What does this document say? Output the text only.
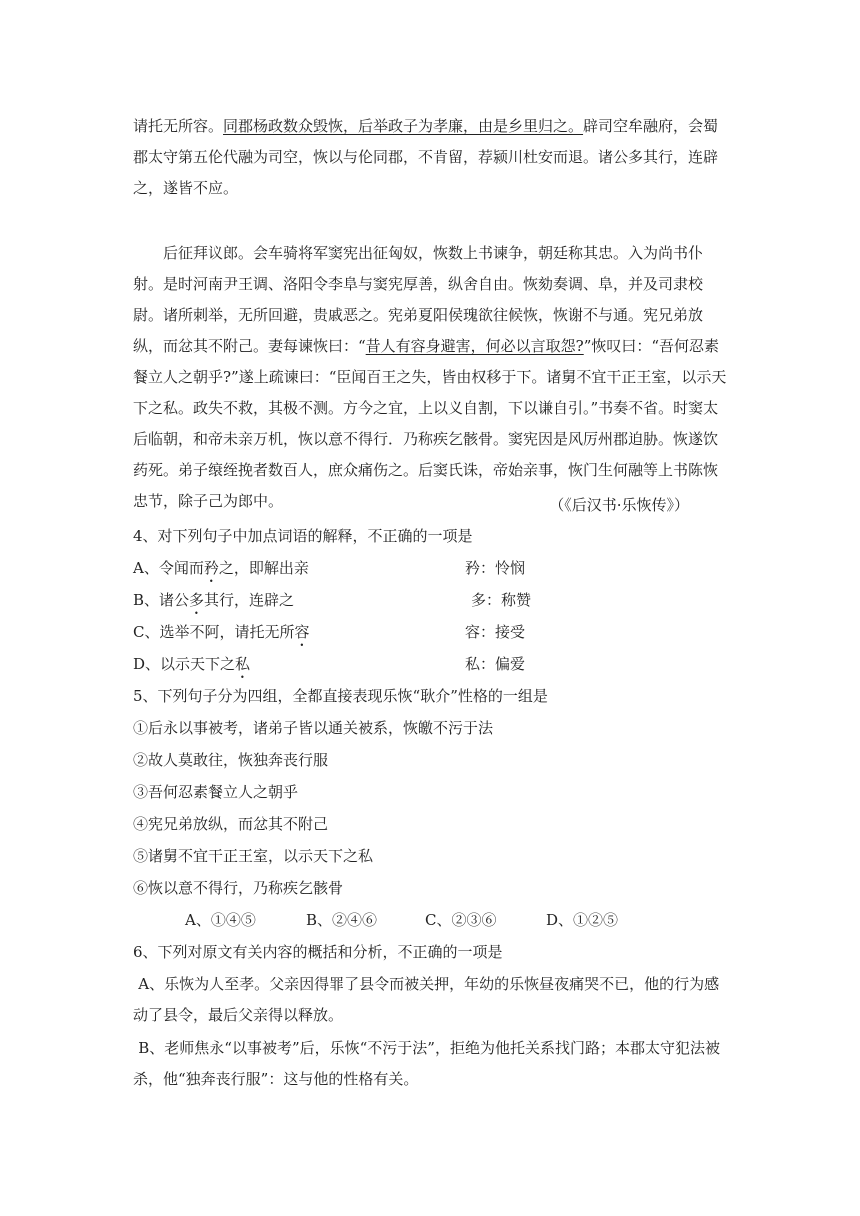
请托无所容。同郡杨政数众毁恢，后举政子为孝廉，由是乡里归之。辟司空牟融府，会蜀郡太守第五伦代融为司空，恢以与伦同郡，不肯留，荐颍川杜安而退。诸公多其行，连辟之，遂皆不应。
后征拜议郎。会车骑将军窦宪出征匈奴，恢数上书谏争，朝廷称其忠。入为尚书仆射。是时河南尹王调、洛阳令李阜与窦宪厚善，纵舍自由。恢劾奏调、阜，并及司隶校尉。诸所刺举，无所回避，贵戚恶之。宪弟夏阳侯瑰欲往候恢，恢谢不与通。宪兄弟放纵，而忿其不附己。妻每谏恢曰：“昔人有容身避害，何必以言取怨?”恢叹曰：“吾何忍素餐立人之朝乎?”遂上疏谏曰：“臣闻百王之失，皆由权移于下。诸舅不宜干正王室，以示天下之私。政失不救，其极不测。方今之宜，上以义自割，下以谦自引。”书奏不省。时窦太后临朝，和帝未亲万机，恢以意不得行．乃称疾乞骸骨。窦宪因是风厉州郡迫胁。恢遂饮药死。弟子缞绖挽者数百人，庶众痛伤之。后窦氏诛，帝始亲事，恢门生何融等上书陈恢忠节，除子己为郎中。	（《后汉书·乐恢传》）
4、对下列句子中加点词语的解释，不正确的一项是
A、令闻而矜之，即解出亲	矜：怜悯
B、诸公多其行，连辟之	多：称赞
C、选举不阿，请托无所容	容：接受
D、以示天下之私	私：偏爱
5、下列句子分为四组，全都直接表现乐恢“耿介”性格的一组是
①后永以事被考，诸弟子皆以通关被系，恢皦不污于法
②故人莫敢往，恢独奔丧行服
③吾何忍素餐立人之朝乎
④宪兄弟放纵，而忿其不附己
⑤诸舅不宜干正王室，以示天下之私
⑥恢以意不得行，乃称疾乞骸骨
A、①④⑤	B、②④⑥	C、②③⑥	D、①②⑤
6、下列对原文有关内容的概括和分析，不正确的一项是
A、乐恢为人至孝。父亲因得罪了县令而被关押，年幼的乐恢昼夜痛哭不已，他的行为感动了县令，最后父亲得以释放。
B、老师焦永“以事被考”后，乐恢“不污于法”，拒绝为他托关系找门路；本郡太守犯法被杀，他“独奔丧行服”：这与他的性格有关。
